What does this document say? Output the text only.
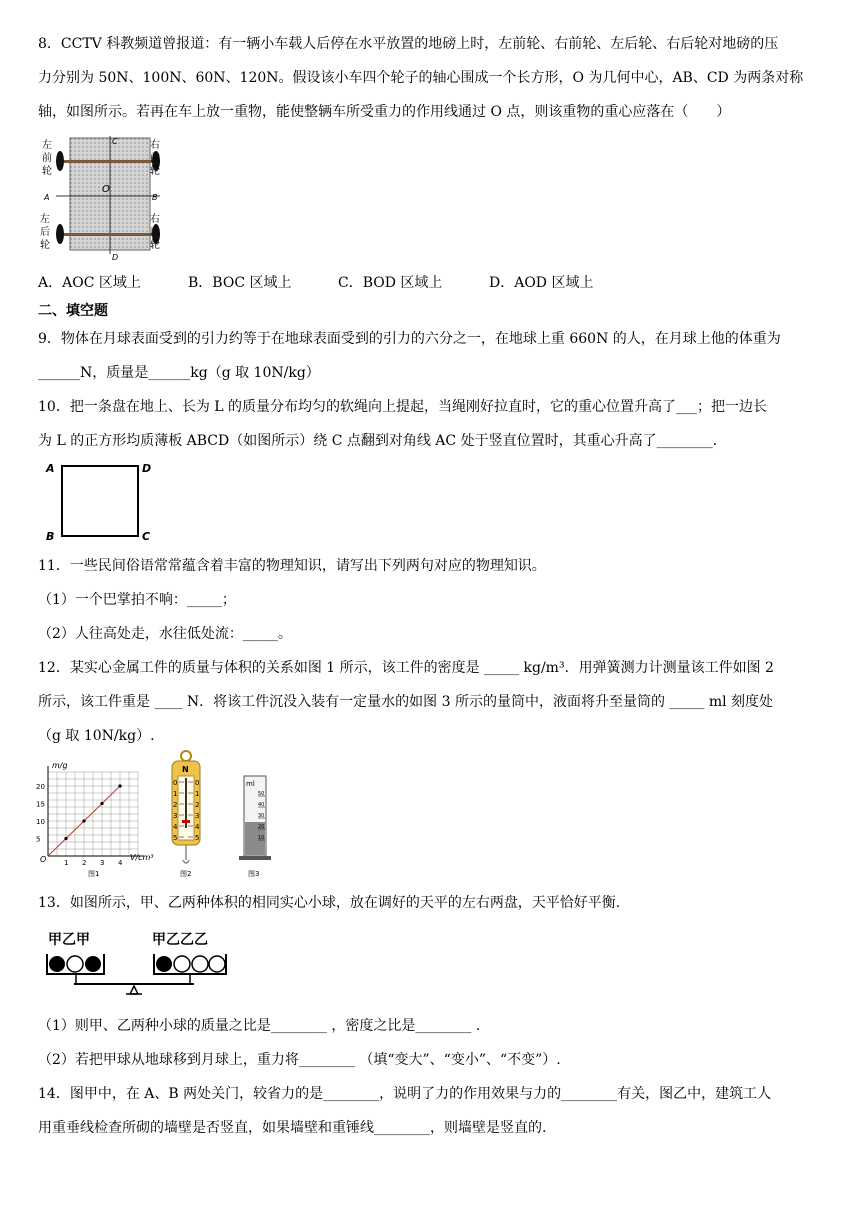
8．CCTV 科教频道曾报道：有一辆小车载人后停在水平放置的地磅上时，左前轮、右前轮、左后轮、右后轮对地磅的压
力分别为 50N、100N、60N、120N。假设该小车四个轮子的轴心围成一个长方形，O 为几何中心，AB、CD 为两条对称
轴，如图所示。若再在车上放一重物，能使整辆车所受重力的作用线通过 O 点，则该重物的重心应落在（　　）
左
前
轮
右
前
轮
左
后
轮
右
后
轮
C
D
A	B
O
A．AOC 区域上	B．BOC 区域上	C．BOD 区域上	D．AOD 区域上
二、填空题
9．物体在月球表面受到的引力约等于在地球表面受到的引力的六分之一，在地球上重 660N 的人，在月球上他的体重为
______N，质量是______kg（g 取 10N/kg）
10．把一条盘在地上、长为 L 的质量分布均匀的软绳向上提起，当绳刚好拉直时，它的重心位置升高了___；把一边长
为 L 的正方形均质薄板 ABCD（如图所示）绕 C 点翻到对角线 AC 处于竖直位置时，其重心升高了________.
A	D
B	C
11．一些民间俗语常常蕴含着丰富的物理知识，请写出下列两句对应的物理知识。
（1）一个巴掌拍不响：_____；
（2）人往高处走，水往低处流：_____。
12．某实心金属工件的质量与体积的关系如图 1 所示，该工件的密度是 _____ kg/m³．用弹簧测力计测量该工件如图 2
所示，该工件重是 ____ N．将该工件沉没入装有一定量水的如图 3 所示的量筒中，液面将升至量筒的 _____ ml 刻度处
（g 取 10N/kg）.
1 2 3 4
5
10
15
20
m/g
V/cm³
O
图1
N
0	0
1	1
2	2
3	3
4	4
5	5
图2
ml
50
40
30
20
10
图3
13．如图所示，甲、乙两种体积的相同实心小球，放在调好的天平的左右两盘，天平恰好平衡.
甲乙甲	甲乙乙乙
（1）则甲、乙两种小球的质量之比是________ ，密度之比是________ .
（2）若把甲球从地球移到月球上，重力将________ （填“变大”、“变小”、“不变”）.
14．图甲中，在 A、B 两处关门，较省力的是________，说明了力的作用效果与力的________有关，图乙中，建筑工人
用重垂线检查所砌的墙壁是否竖直，如果墙壁和重锤线________，则墙壁是竖直的.
